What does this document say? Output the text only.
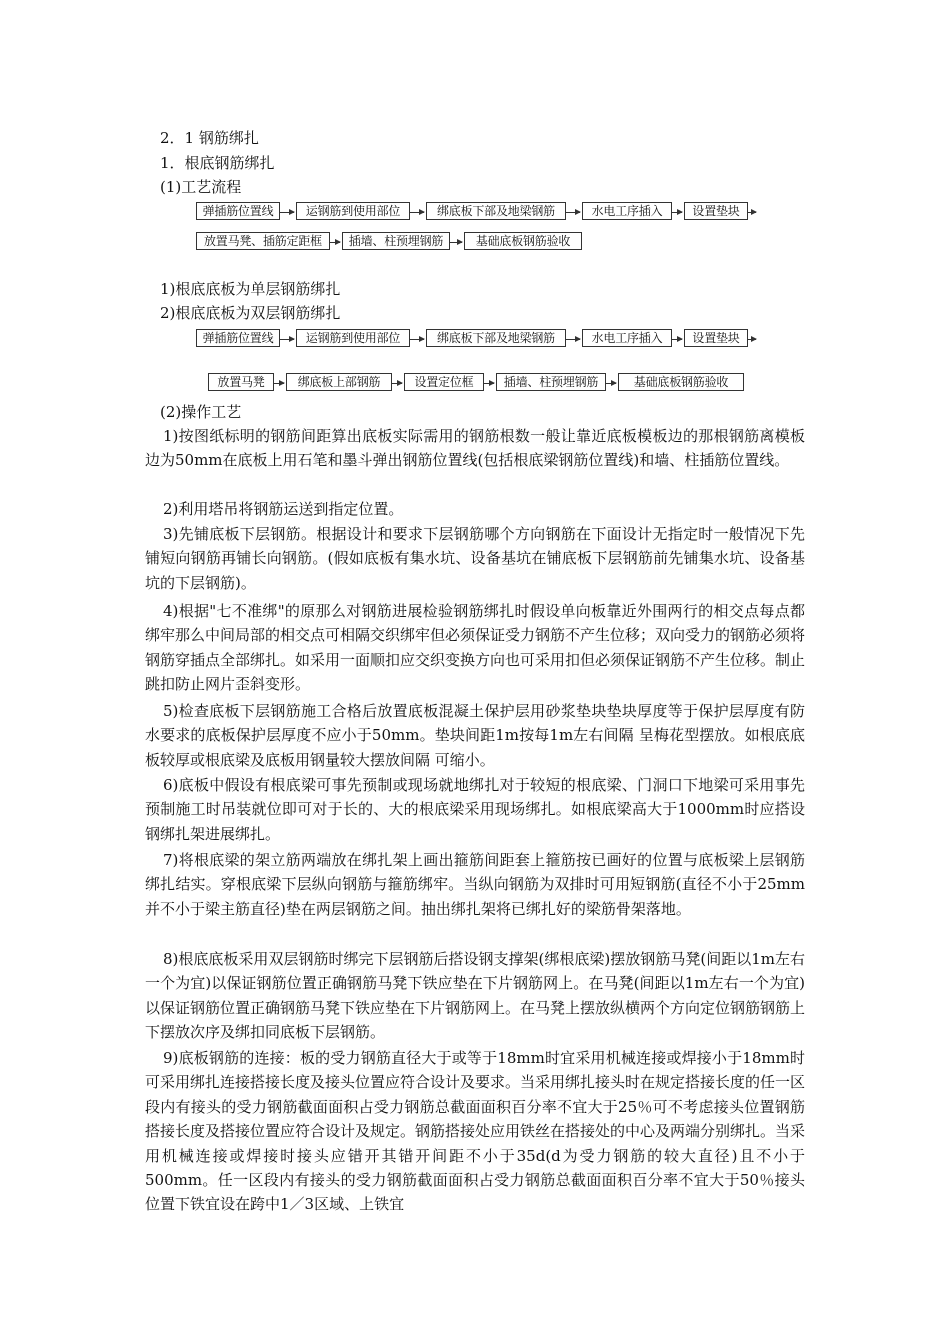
2．1 钢筋绑扎
1．根底钢筋绑扎
(1)工艺流程
弹插筋位置线	运钢筋到使用部位	绑底板下部及地梁钢筋	水电工序插入	设置垫块
放置马凳、插筋定距框	插墙、柱预埋钢筋	基础底板钢筋验收
1)根底底板为单层钢筋绑扎
2)根底底板为双层钢筋绑扎
弹插筋位置线	运钢筋到使用部位	绑底板下部及地梁钢筋	水电工序插入	设置垫块
放置马凳	绑底板上部钢筋	设置定位框	插墙、柱预埋钢筋	基础底板钢筋验收
(2)操作工艺
1)按图纸标明的钢筋间距算出底板实际需用的钢筋根数一般让靠近底板模板边的那根钢筋离模板边为50mm在底板上用石笔和墨斗弹出钢筋位置线(包括根底梁钢筋位置线)和墙、柱插筋位置线。
2)利用塔吊将钢筋运送到指定位置。
3)先铺底板下层钢筋。根据设计和要求下层钢筋哪个方向钢筋在下面设计无指定时一般情况下先铺短向钢筋再铺长向钢筋。(假如底板有集水坑、设备基坑在铺底板下层钢筋前先铺集水坑、设备基坑的下层钢筋)。
4)根据"七不准绑"的原那么对钢筋进展检验钢筋绑扎时假设单向板靠近外围两行的相交点每点都绑牢那么中间局部的相交点可相隔交织绑牢但必须保证受力钢筋不产生位移；双向受力的钢筋必须将钢筋穿插点全部绑扎。如采用一面顺扣应交织变换方向也可采用扣但必须保证钢筋不产生位移。制止跳扣防止网片歪斜变形。
5)检查底板下层钢筋施工合格后放置底板混凝土保护层用砂浆垫块垫块厚度等于保护层厚度有防水要求的底板保护层厚度不应小于50mm。垫块间距1m按每1m左右间隔 呈梅花型摆放。如根底底板较厚或根底梁及底板用钢量较大摆放间隔 可缩小。
6)底板中假设有根底梁可事先预制或现场就地绑扎对于较短的根底梁、门洞口下地梁可采用事先预制施工时吊装就位即可对于长的、大的根底梁采用现场绑扎。如根底梁高大于1000mm时应搭设钢绑扎架进展绑扎。
7)将根底梁的架立筋两端放在绑扎架上画出箍筋间距套上箍筋按已画好的位置与底板梁上层钢筋绑扎结实。穿根底梁下层纵向钢筋与箍筋绑牢。当纵向钢筋为双排时可用短钢筋(直径不小于25mm并不小于梁主筋直径)垫在两层钢筋之间。抽出绑扎架将已绑扎好的梁筋骨架落地。
8)根底底板采用双层钢筋时绑完下层钢筋后搭设钢支撑架(绑根底梁)摆放钢筋马凳(间距以1m左右一个为宜)以保证钢筋位置正确钢筋马凳下铁应垫在下片钢筋网上。在马凳(间距以1m左右一个为宜)以保证钢筋位置正确钢筋马凳下铁应垫在下片钢筋网上。在马凳上摆放纵横两个方向定位钢筋钢筋上下摆放次序及绑扣同底板下层钢筋。
9)底板钢筋的连接：板的受力钢筋直径大于或等于18mm时宜采用机械连接或焊接小于18mm时可采用绑扎连接搭接长度及接头位置应符合设计及要求。当采用绑扎接头时在规定搭接长度的任一区段内有接头的受力钢筋截面面积占受力钢筋总截面面积百分率不宜大于25％可不考虑接头位置钢筋搭接长度及搭接位置应符合设计及规定。钢筋搭接处应用铁丝在搭接处的中心及两端分别绑扎。当采用机械连接或焊接时接头应错开其错开间距不小于35d(d为受力钢筋的较大直径)且不小于500mm。任一区段内有接头的受力钢筋截面面积占受力钢筋总截面面积百分率不宜大于50％接头位置下铁宜设在跨中1／3区域、上铁宜
